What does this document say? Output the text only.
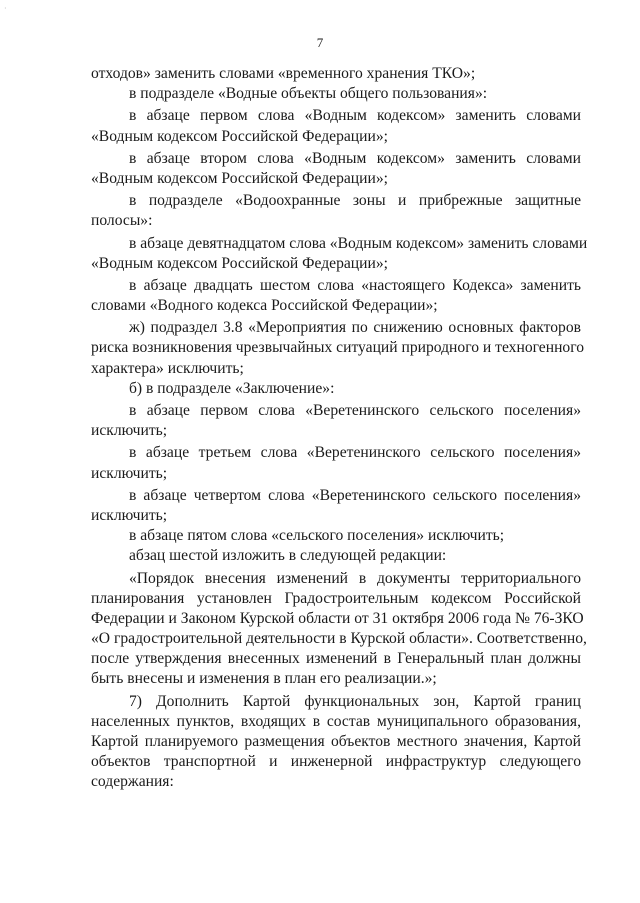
·
7
отходов» заменить словами «временного хранения ТКО»;
в подразделе «Водные объекты общего пользования»:
в абзаце первом слова «Водным кодексом» заменить словами
«Водным кодексом Российской Федерации»;
в абзаце втором слова «Водным кодексом» заменить словами
«Водным кодексом Российской Федерации»;
в подразделе «Водоохранные зоны и прибрежные защитные
полосы»:
в абзаце девятнадцатом слова «Водным кодексом» заменить словами
«Водным кодексом Российской Федерации»;
в абзаце двадцать шестом слова «настоящего Кодекса» заменить
словами «Водного кодекса Российской Федерации»;
ж) подраздел 3.8 «Мероприятия по снижению основных факторов
риска возникновения чрезвычайных ситуаций природного и техногенного
характера» исключить;
б) в подразделе «Заключение»:
в абзаце первом слова «Веретенинского сельского поселения»
исключить;
в абзаце третьем слова «Веретенинского сельского поселения»
исключить;
в абзаце четвертом слова «Веретенинского сельского поселения»
исключить;
в абзаце пятом слова «сельского поселения» исключить;
абзац шестой изложить в следующей редакции:
«Порядок внесения изменений в документы территориального
планирования установлен Градостроительным кодексом Российской
Федерации и Законом Курской области от 31 октября 2006 года № 76-ЗКО
«О градостроительной деятельности в Курской области». Соответственно,
после утверждения внесенных изменений в Генеральный план должны
быть внесены и изменения в план его реализации.»;
7) Дополнить Картой функциональных зон, Картой границ
населенных пунктов, входящих в состав муниципального образования,
Картой планируемого размещения объектов местного значения, Картой
объектов транспортной и инженерной инфраструктур следующего
содержания:
